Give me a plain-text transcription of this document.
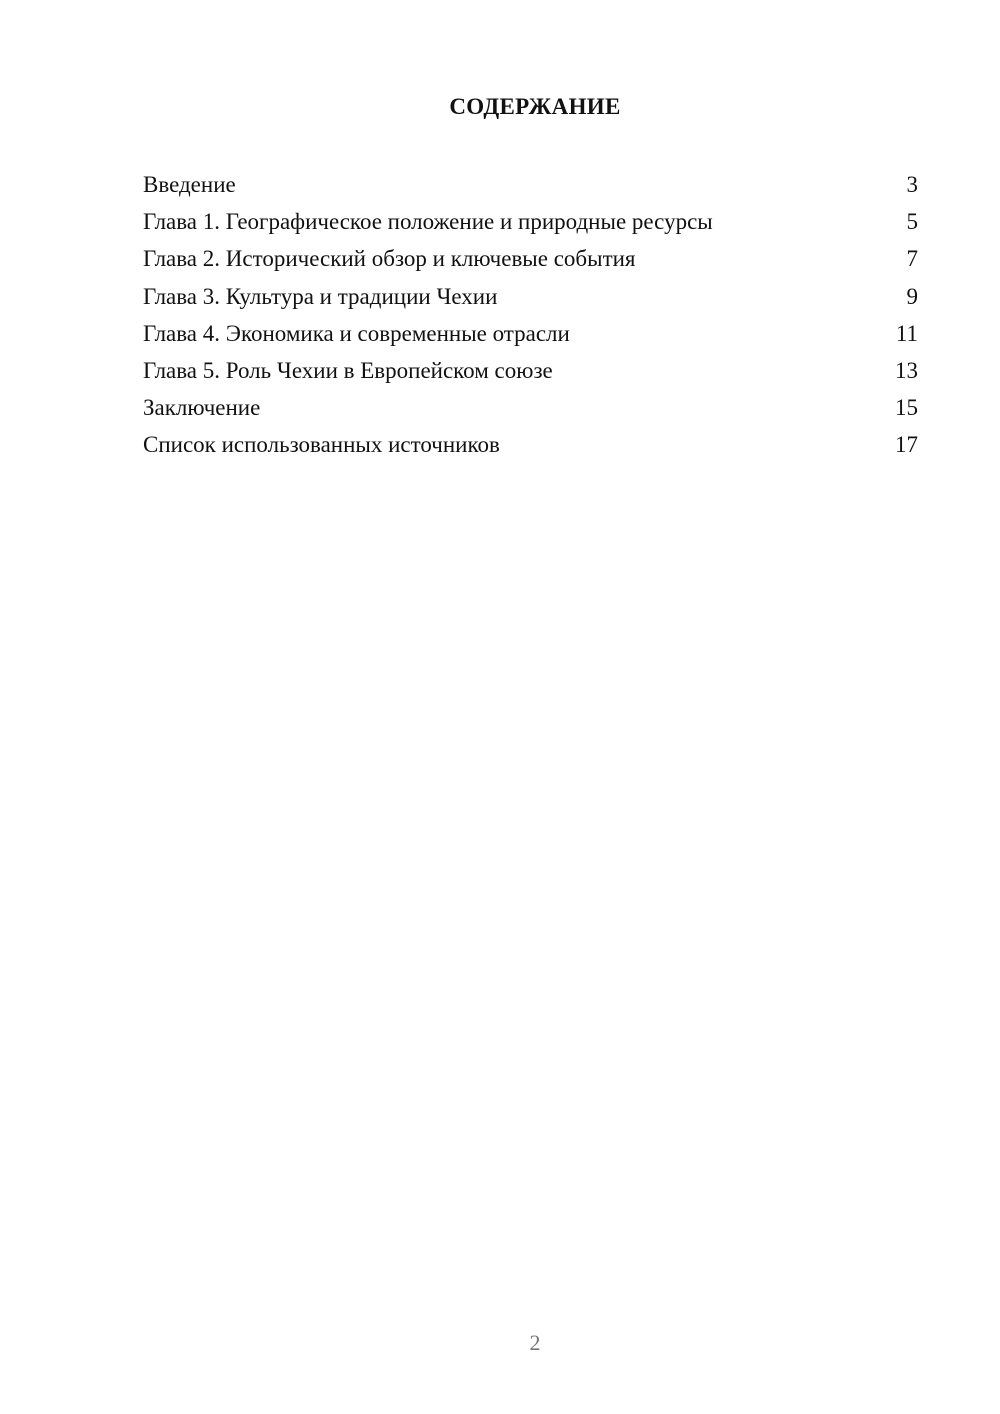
СОДЕРЖАНИЕ
Введение	3
Глава 1. Географическое положение и природные ресурсы	5
Глава 2. Исторический обзор и ключевые события	7
Глава 3. Культура и традиции Чехии	9
Глава 4. Экономика и современные отрасли	11
Глава 5. Роль Чехии в Европейском союзе	13
Заключение	15
Список использованных источников	17
2
